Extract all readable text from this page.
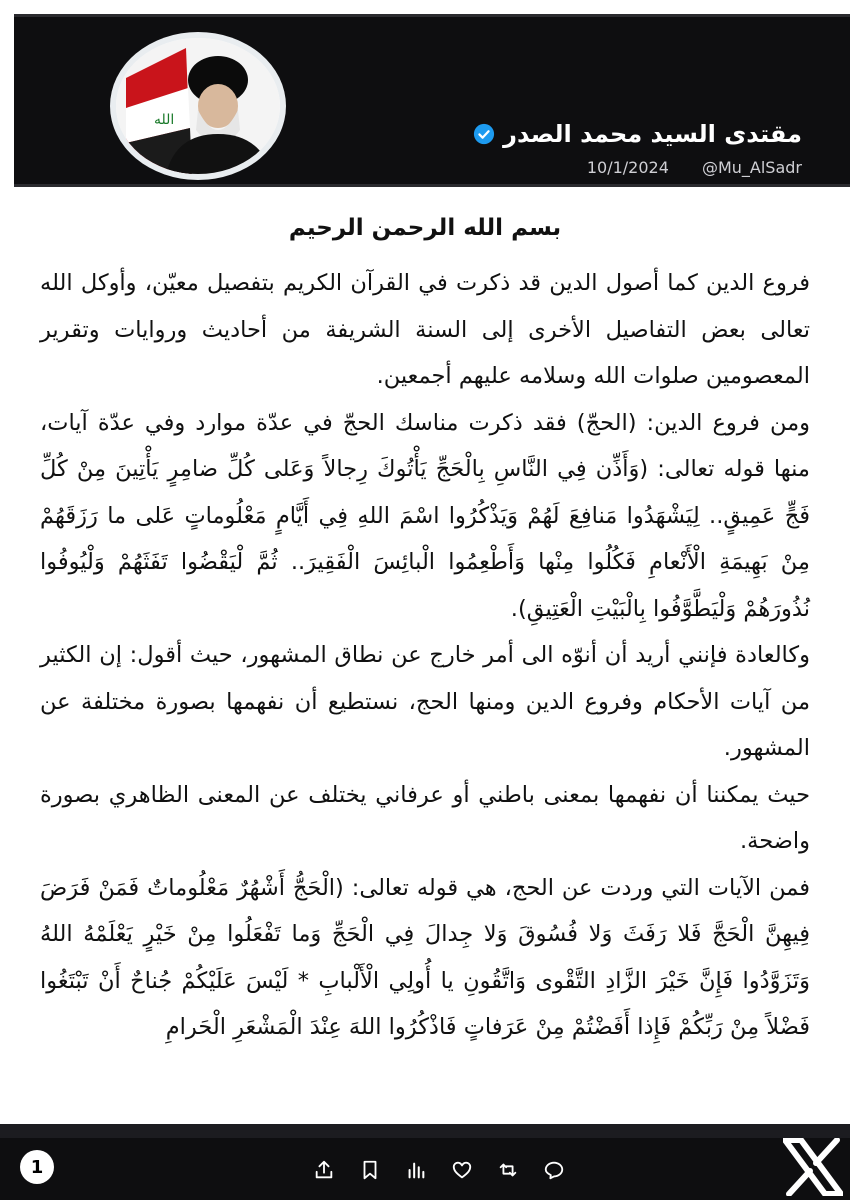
الله	مقتدى السيد محمد الصدر
10/1/2024 @Mu_AlSadr
بسم الله الرحمن الرحيم

فروع الدين كما أصول الدين قد ذكرت في القرآن الكريم بتفصيل معيّن، وأوكل الله تعالى بعض التفاصيل الأخرى إلى السنة الشريفة من أحاديث وروايات وتقرير المعصومين صلوات الله وسلامه عليهم أجمعين.

ومن فروع الدين: (الحجّ) فقد ذكرت مناسك الحجّ في عدّة موارد وفي عدّة آيات، منها قوله تعالى: (وَأَذِّن فِي النَّاسِ بِالْحَجِّ يَأْتُوكَ رِجالاً وَعَلى كُلِّ ضامِرٍ يَأْتِينَ مِنْ كُلِّ فَجٍّ عَمِيقٍ.. لِيَشْهَدُوا مَنافِعَ لَهُمْ وَيَذْكُرُوا اسْمَ اللهِ فِي أَيَّامٍ مَعْلُوماتٍ عَلى ما رَزَقَهُمْ مِنْ بَهِيمَةِ الْأَنْعامِ فَكُلُوا مِنْها وَأَطْعِمُوا الْبائِسَ الْفَقِيرَ.. ثُمَّ لْيَقْضُوا تَفَثَهُمْ وَلْيُوفُوا نُذُورَهُمْ وَلْيَطَّوَّفُوا بِالْبَيْتِ الْعَتِيقِ).

وكالعادة فإنني أريد أن أنوّه الى أمر خارج عن نطاق المشهور، حيث أقول: إن الكثير من آيات الأحكام وفروع الدين ومنها الحج، نستطيع أن نفهمها بصورة مختلفة عن المشهور.

حيث يمكننا أن نفهمها بمعنى باطني أو عرفاني يختلف عن المعنى الظاهري بصورة واضحة.

فمن الآيات التي وردت عن الحج، هي قوله تعالى: (الْحَجُّ أَشْهُرٌ مَعْلُوماتٌ فَمَنْ فَرَضَ فِيهِنَّ الْحَجَّ فَلا رَفَثَ وَلا فُسُوقَ وَلا جِدالَ فِي الْحَجِّ وَما تَفْعَلُوا مِنْ خَيْرٍ يَعْلَمْهُ اللهُ وَتَزَوَّدُوا فَإِنَّ خَيْرَ الزَّادِ التَّقْوى وَاتَّقُونِ يا أُولِي الْأَلْبابِ * لَيْسَ عَلَيْكُمْ جُناحٌ أَنْ تَبْتَغُوا فَضْلاً مِنْ رَبِّكُمْ فَإِذا أَفَضْتُمْ مِنْ عَرَفاتٍ فَاذْكُرُوا اللهَ عِنْدَ الْمَشْعَرِ الْحَرامِ

1
